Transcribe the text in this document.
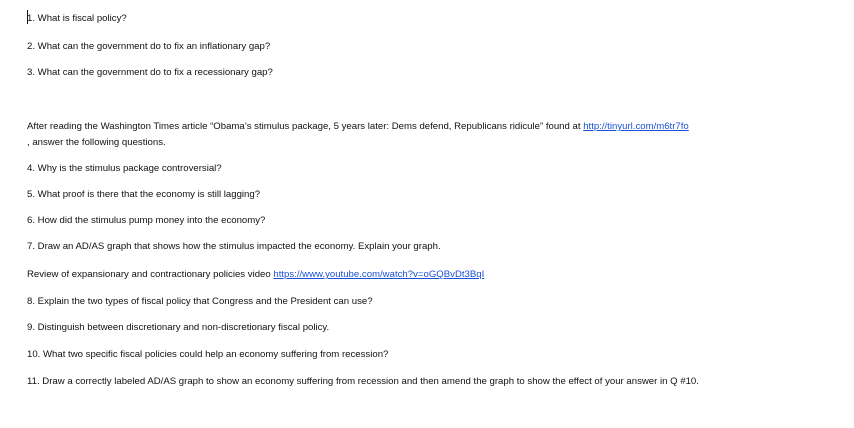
1. What is fiscal policy?
2. What can the government do to fix an inflationary gap?
3. What can the government do to fix a recessionary gap?
After reading the Washington Times article “Obama’s stimulus package, 5 years later: Dems defend, Republicans ridicule” found at http://tinyurl.com/m6tr7fo
, answer the following questions.
4. Why is the stimulus package controversial?
5. What proof is there that the economy is still lagging?
6. How did the stimulus pump money into the economy?
7. Draw an AD/AS graph that shows how the stimulus impacted the economy. Explain your graph.
Review of expansionary and contractionary policies video https://www.youtube.com/watch?v=oGQBvDt3BqI
8. Explain the two types of fiscal policy that Congress and the President can use?
9. Distinguish between discretionary and non-discretionary fiscal policy.
10. What two specific fiscal policies could help an economy suffering from recession?
11. Draw a correctly labeled AD/AS graph to show an economy suffering from recession and then amend the graph to show the effect of your answer in Q #10.
